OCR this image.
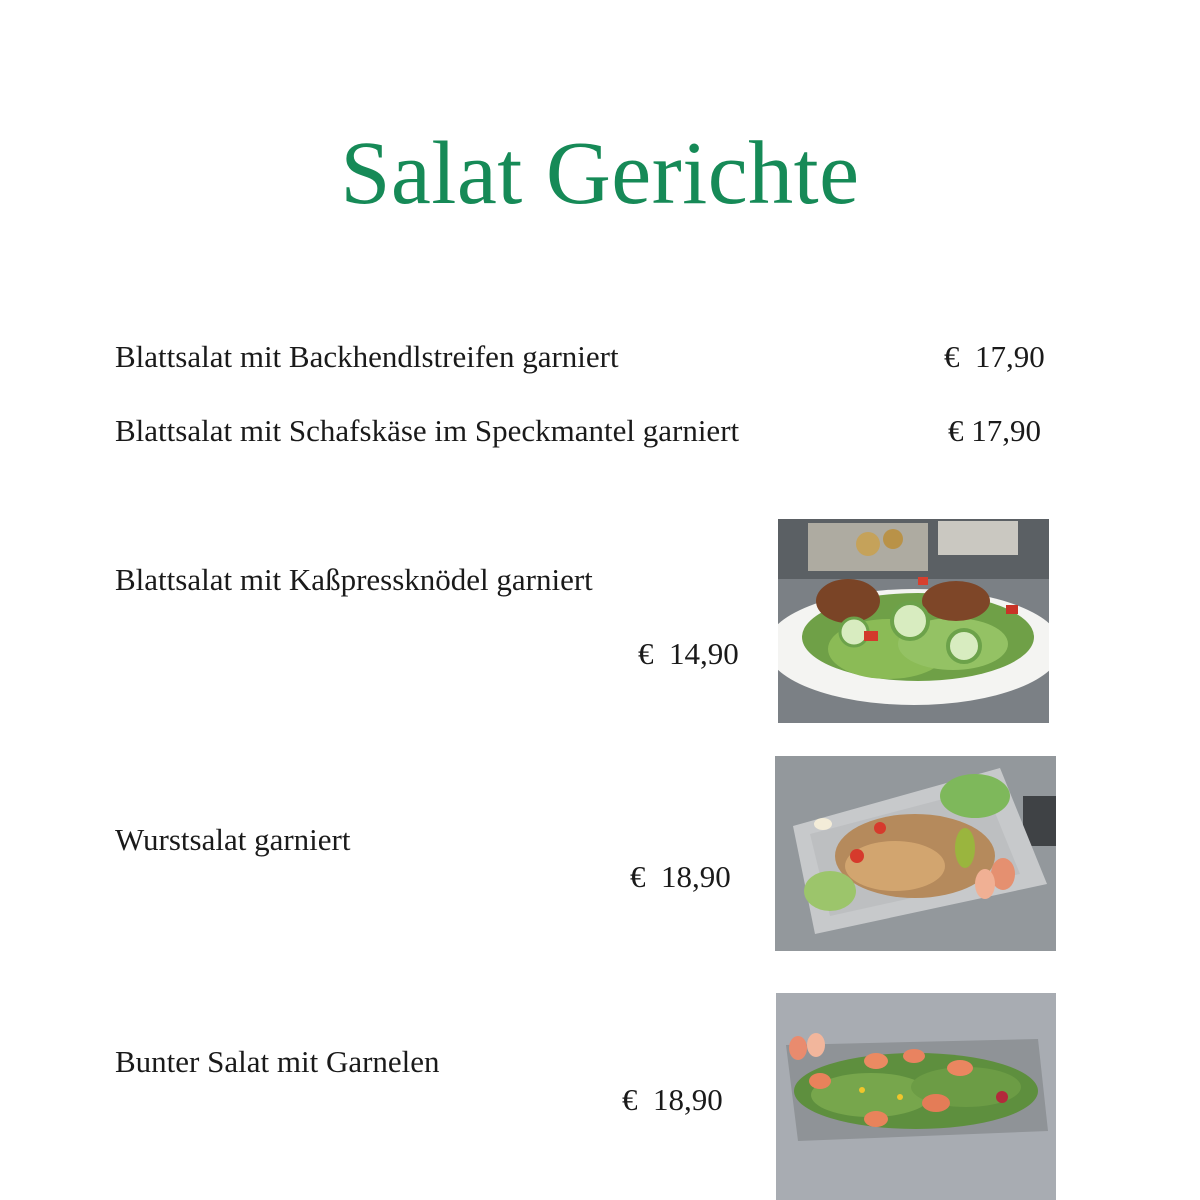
Salat Gerichte
Blattsalat mit Backhendlstreifen garniert	€  17,90
Blattsalat mit Schafskäse im Speckmantel garniert	€ 17,90
Blattsalat mit Kaßpressknödel garniert
€  14,90
Wurstsalat garniert
€  18,90
Bunter Salat mit Garnelen
€  18,90
